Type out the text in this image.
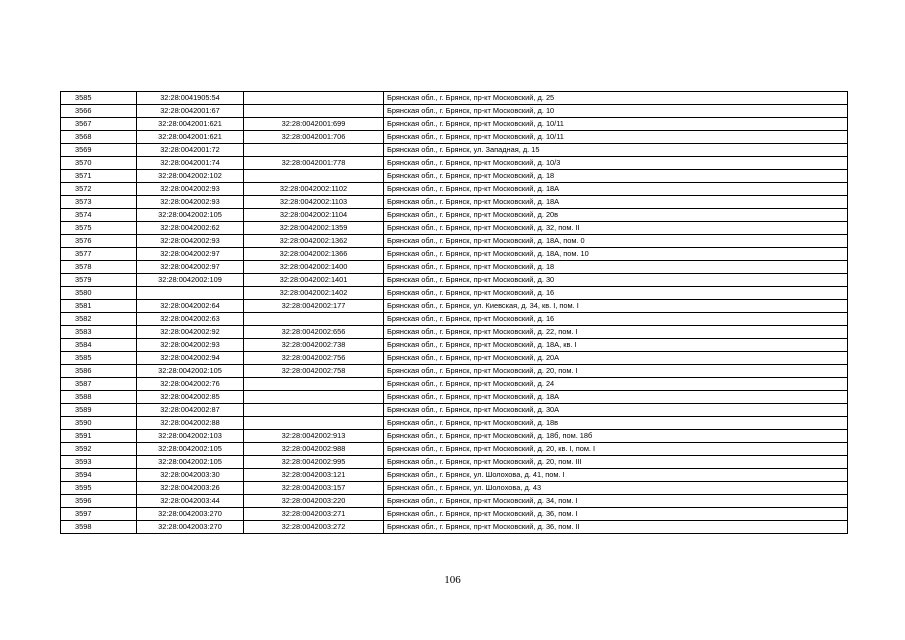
3585	32:28:0041905:54		Брянская обл., г. Брянск, пр-кт Московский, д. 25
3566	32:28:0042001:67		Брянская обл., г. Брянск, пр-кт Московский, д. 10
3567	32:28:0042001:621	32:28:0042001:699	Брянская обл., г. Брянск, пр-кт Московский, д. 10/11
3568	32:28:0042001:621	32:28:0042001:706	Брянская обл., г. Брянск, пр-кт Московский, д. 10/11
3569	32:28:0042001:72		Брянская обл., г. Брянск, ул. Западная, д. 15
3570	32:28:0042001:74	32:28:0042001:778	Брянская обл., г. Брянск, пр-кт Московский, д. 10/3
3571	32:28:0042002:102		Брянская обл., г. Брянск, пр-кт Московский, д. 18
3572	32:28:0042002:93	32:28:0042002:1102	Брянская обл., г. Брянск, пр-кт Московский, д. 18А
3573	32:28:0042002:93	32:28:0042002:1103	Брянская обл., г. Брянск, пр-кт Московский, д. 18А
3574	32:28:0042002:105	32:28:0042002:1104	Брянская обл., г. Брянск, пр-кт Московский, д. 20в
3575	32:28:0042002:62	32:28:0042002:1359	Брянская обл., г. Брянск, пр-кт Московский, д. 32, пом. II
3576	32:28:0042002:93	32:28:0042002:1362	Брянская обл., г. Брянск, пр-кт Московский, д. 18А, пом. 0
3577	32:28:0042002:97	32:28:0042002:1366	Брянская обл., г. Брянск, пр-кт Московский, д. 18А, пом. 10
3578	32:28:0042002:97	32:28:0042002:1400	Брянская обл., г. Брянск, пр-кт Московский, д. 18
3579	32:28:0042002:109	32:28:0042002:1401	Брянская обл., г. Брянск, пр-кт Московский, д. 30
3580		32:28:0042002:1402	Брянская обл., г. Брянск, пр-кт Московский, д. 16
3581	32:28:0042002:64	32:28:0042002:177	Брянская обл., г. Брянск, ул. Киевская, д. 34, кв. I, пом. I
3582	32:28:0042002:63		Брянская обл., г. Брянск, пр-кт Московский, д. 16
3583	32:28:0042002:92	32:28:0042002:656	Брянская обл., г. Брянск, пр-кт Московский, д. 22, пом. I
3584	32:28:0042002:93	32:28:0042002:738	Брянская обл., г. Брянск, пр-кт Московский, д. 18А, кв. I
3585	32:28:0042002:94	32:28:0042002:756	Брянская обл., г. Брянск, пр-кт Московский, д. 20А
3586	32:28:0042002:105	32:28:0042002:758	Брянская обл., г. Брянск, пр-кт Московский, д. 20, пом. I
3587	32:28:0042002:76		Брянская обл., г. Брянск, пр-кт Московский, д. 24
3588	32:28:0042002:85		Брянская обл., г. Брянск, пр-кт Московский, д. 18А
3589	32:28:0042002:87		Брянская обл., г. Брянск, пр-кт Московский, д. 30А
3590	32:28:0042002:88		Брянская обл., г. Брянск, пр-кт Московский, д. 18в
3591	32:28:0042002:103	32:28:0042002:913	Брянская обл., г. Брянск, пр-кт Московский, д. 18б, пом. 18б
3592	32:28:0042002:105	32:28:0042002:988	Брянская обл., г. Брянск, пр-кт Московский, д. 20, кв. I, пом. I
3593	32:28:0042002:105	32:28:0042002:995	Брянская обл., г. Брянск, пр-кт Московский, д. 20, пом. III
3594	32:28:0042003:30	32:28:0042003:121	Брянская обл., г. Брянск, ул. Шолохова, д. 41, пом. I
3595	32:28:0042003:26	32:28:0042003:157	Брянская обл., г. Брянск, ул. Шолохова, д. 43
3596	32:28:0042003:44	32:28:0042003:220	Брянская обл., г. Брянск, пр-кт Московский, д. 34, пом. I
3597	32:28:0042003:270	32:28:0042003:271	Брянская обл., г. Брянск, пр-кт Московский, д. 36, пом. I
3598	32:28:0042003:270	32:28:0042003:272	Брянская обл., г. Брянск, пр-кт Московский, д. 36, пом. II
106
